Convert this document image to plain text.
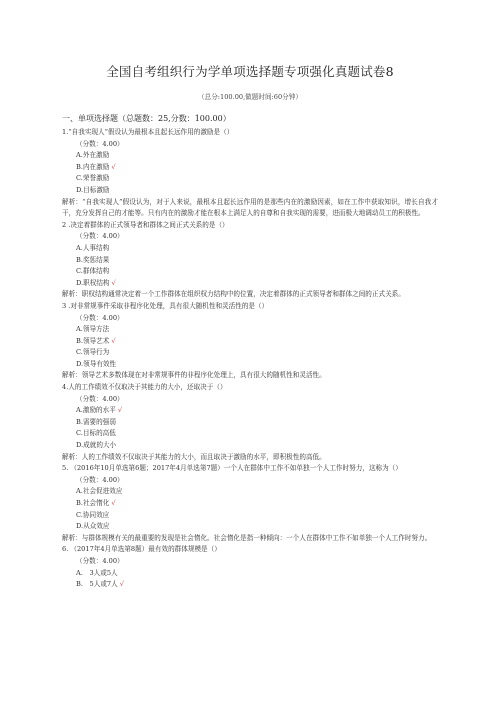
全国自考组织行为学单项选择题专项强化真题试卷8
（总分:100.00,做题时间:60分钟）
一、单项选择题（总题数：25,分数：100.00）
1.“自我实现人”假设认为最根本且起长远作用的激励是（）
（分数：4.00）
A.外在激励
B.内在激励 √
C.荣誉激励
D.目标激励
解析：“自我实现人”假设认为，对于人来说，最根本且起长远作用的是那些内在的激励因素，如在工作中获取知识，增长自我才干，充分发挥自己的才能等。只有内在的激励才能在根本上满足人的自尊和自我实现的需要，进而极大地调动员工的积极性。
2 .决定着群体的正式领导者和群体之间正式关系的是（）
（分数：4.00）
A.人事结构
B.奖惩结果
C.群体结构
D.职权结构 √
解析：职权结构通常决定着一个工作群体在组织权力结构中的位置，决定着群体的正式领导者和群体之间的正式关系。
3 .对非常规事件采取非程序化处理，具有很大随机性和灵活性的是（）
（分数：4.00）
A.领导方法
B.领导艺术 √
C.领导行为
D.领导有效性
解析：领导艺术多数体现在对非常规事件的非程序化处理上，具有很大的随机性和灵活性。
4.人的工作绩效不仅取决于其能力的大小，还取决于（）
（分数：4.00）
A.激励的水平 √
B.需要的强弱
C.目标的高低
D.成就的大小
解析：人的工作绩效不仅取决于其能力的大小，而且取决于激励的水平，即积极性的高低。
5. （2016年10月单选第6题；2017年4月单选第7题）一个人在群体中工作不如单独一个人工作时努力，这称为（）
（分数：4.00）
A.社会促进效应
B.社会惰化 √
C.协同效应
D.从众效应
解析：与群体规模有关的最重要的发现是社会惰化。社会惰化是指一种倾向：一个人在群体中工作不如单独一个人工作时努力。
6. （2017年4月单选第8题）最有效的群体规模是（）
（分数：4.00）
A.　3人或5人
B.　5人或7人 √
